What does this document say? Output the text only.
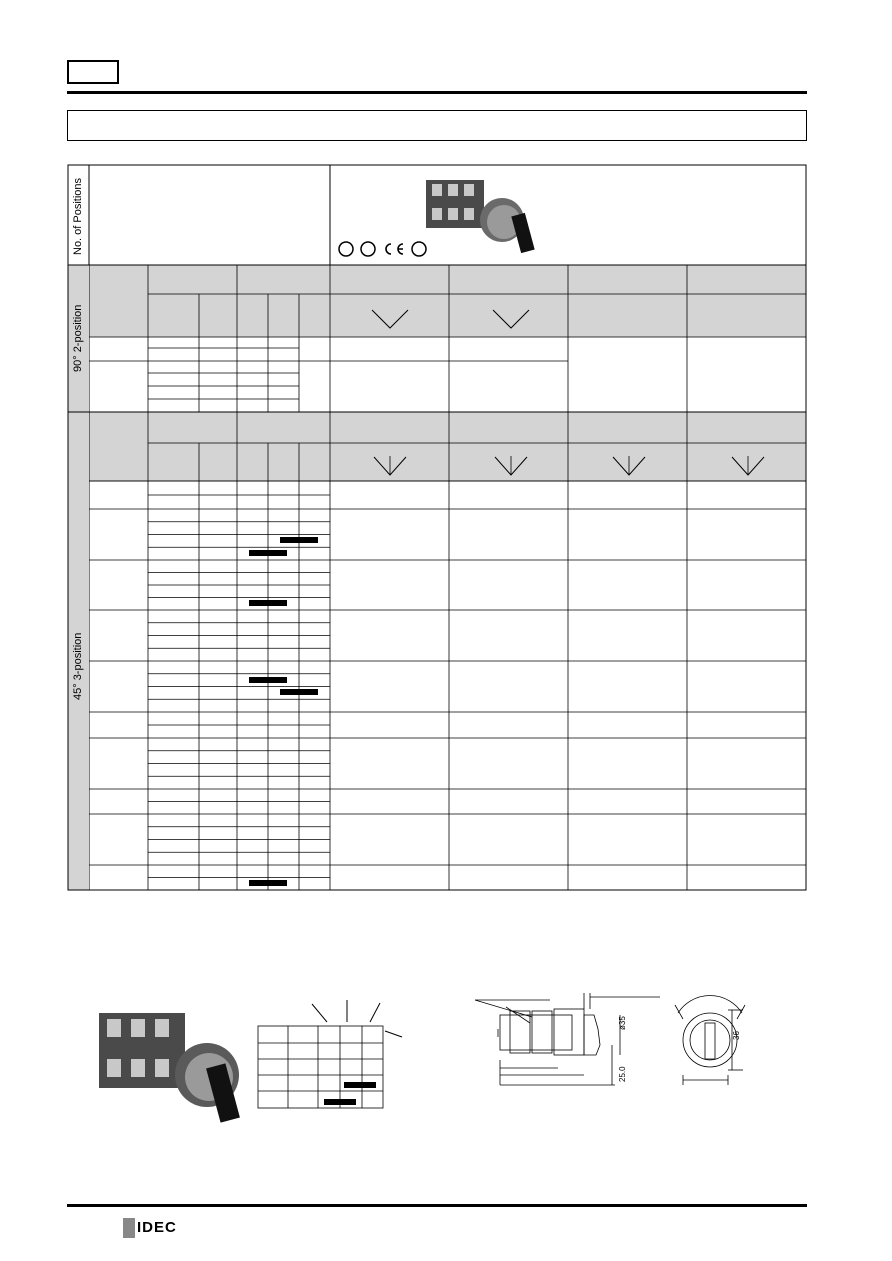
No. of Positions
90° 2-position
45° 3-position
ø35
36
25.0
IDEC
